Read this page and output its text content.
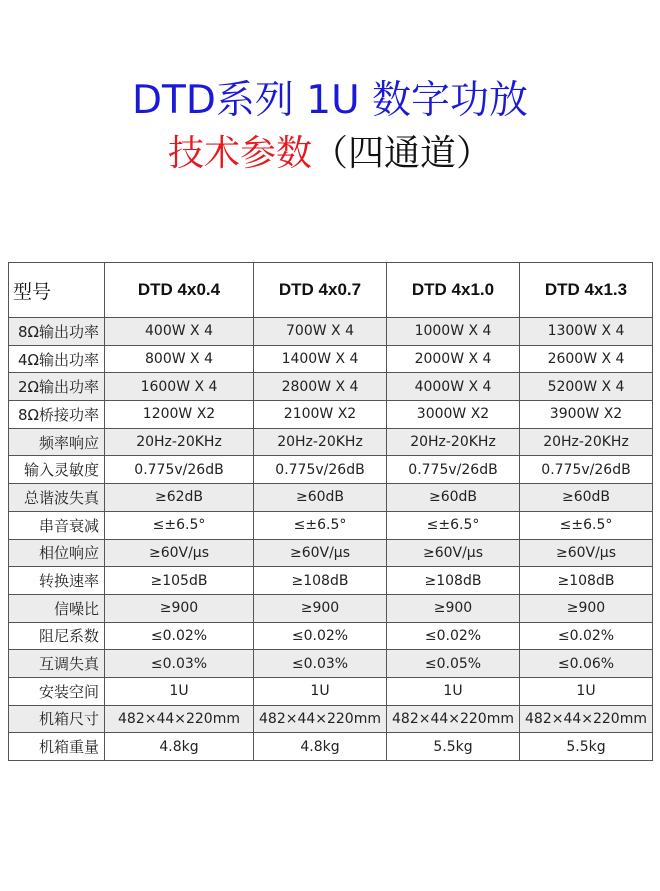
DTD系列 1U 数字功放
技术参数（四通道）
型号	DTD 4x0.4	DTD 4x0.7	DTD 4x1.0	DTD 4x1.3
8Ω输出功率	400W X 4	700W X 4	1000W X 4	1300W X 4
4Ω输出功率	800W X 4	1400W X 4	2000W X 4	2600W X 4
2Ω输出功率	1600W X 4	2800W X 4	4000W X 4	5200W X 4
8Ω桥接功率	1200W X2	2100W X2	3000W X2	3900W X2
频率响应	20Hz-20KHz	20Hz-20KHz	20Hz-20KHz	20Hz-20KHz
输入灵敏度	0.775v/26dB	0.775v/26dB	0.775v/26dB	0.775v/26dB
总谐波失真	≥62dB	≥60dB	≥60dB	≥60dB
串音衰减	≤±6.5°	≤±6.5°	≤±6.5°	≤±6.5°
相位响应	≥60V/μs	≥60V/μs	≥60V/μs	≥60V/μs
转换速率	≥105dB	≥108dB	≥108dB	≥108dB
信噪比	≥900	≥900	≥900	≥900
阻尼系数	≤0.02%	≤0.02%	≤0.02%	≤0.02%
互调失真	≤0.03%	≤0.03%	≤0.05%	≤0.06%
安装空间	1U	1U	1U	1U
机箱尺寸	482×44×220mm	482×44×220mm	482×44×220mm	482×44×220mm
机箱重量	4.8kg	4.8kg	5.5kg	5.5kg
